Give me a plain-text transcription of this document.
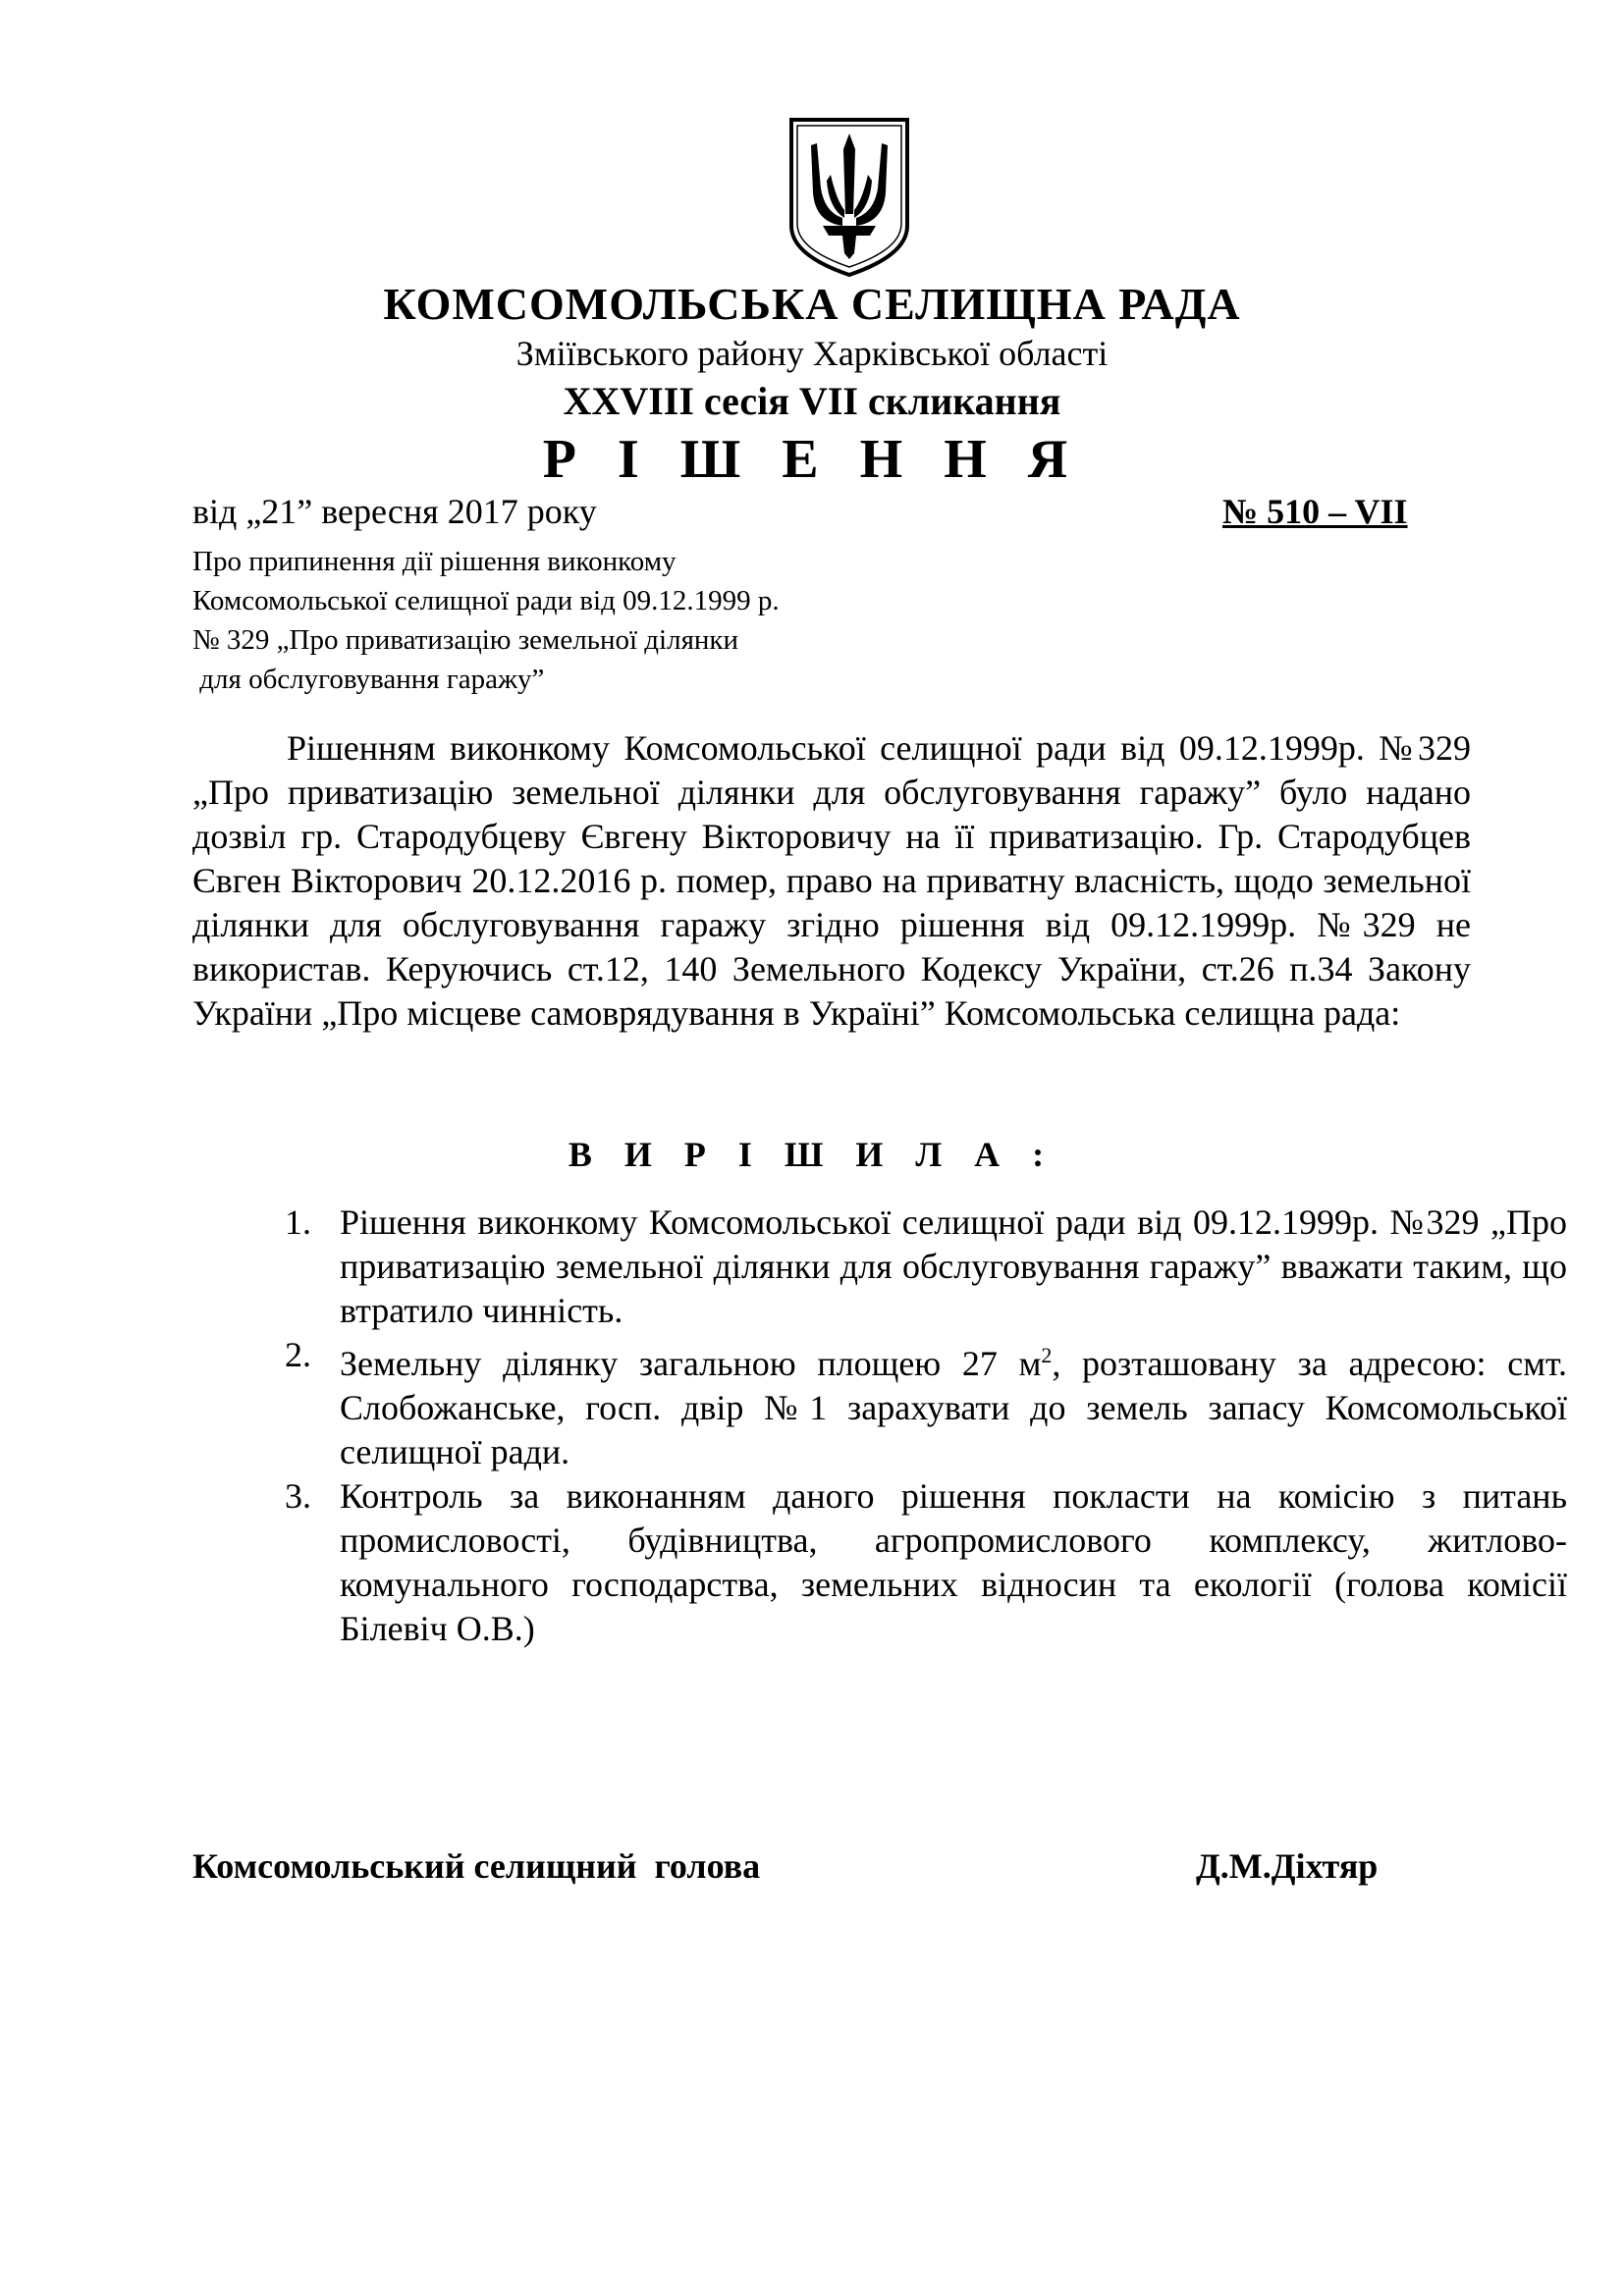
КОМСОМОЛЬСЬКА СЕЛИЩНА РАДА
Зміївського району Харківської області
XXVIII сесія VII скликання
Р І Ш Е Н Н Я
від „21” вересня 2017 року	№ 510 – VII
Про припинення дії рішення виконкому
Комсомольської селищної ради від 09.12.1999 р.
№ 329 „Про приватизацію земельної ділянки
для обслуговування гаражу”
Рішенням виконкому Комсомольської селищної ради від 09.12.1999р. №329 „Про приватизацію земельної ділянки для обслуговування гаражу” було надано дозвіл гр. Стародубцеву Євгену Вікторовичу на її приватизацію. Гр. Стародубцев Євген Вікторович 20.12.2016 р. помер, право на приватну власність, щодо земельної ділянки для обслуговування гаражу згідно рішення від 09.12.1999р. №329 не використав. Керуючись ст.12, 140 Земельного Кодексу України, ст.26 п.34 Закону України „Про місцеве самоврядування в Україні” Комсомольська селищна рада:
В И Р І Ш И Л А :
1. Рішення виконкому Комсомольської селищної ради від 09.12.1999р. №329 „Про приватизацію земельної ділянки для обслуговування гаражу” вважати таким, що втратило чинність.
2. Земельну ділянку загальною площею 27 $м^2$, розташовану за адресою: смт. Слобожанське, госп. двір №1 зарахувати до земель запасу Комсомольської селищної ради.
3. Контроль за виконанням даного рішення покласти на комісію з питань промисловості, будівництва, агропромислового комплексу, житлово-комунального господарства, земельних відносин та екології (голова комісії Білевіч О.В.)
Комсомольський селищний  голова	Д.М.Діхтяр
